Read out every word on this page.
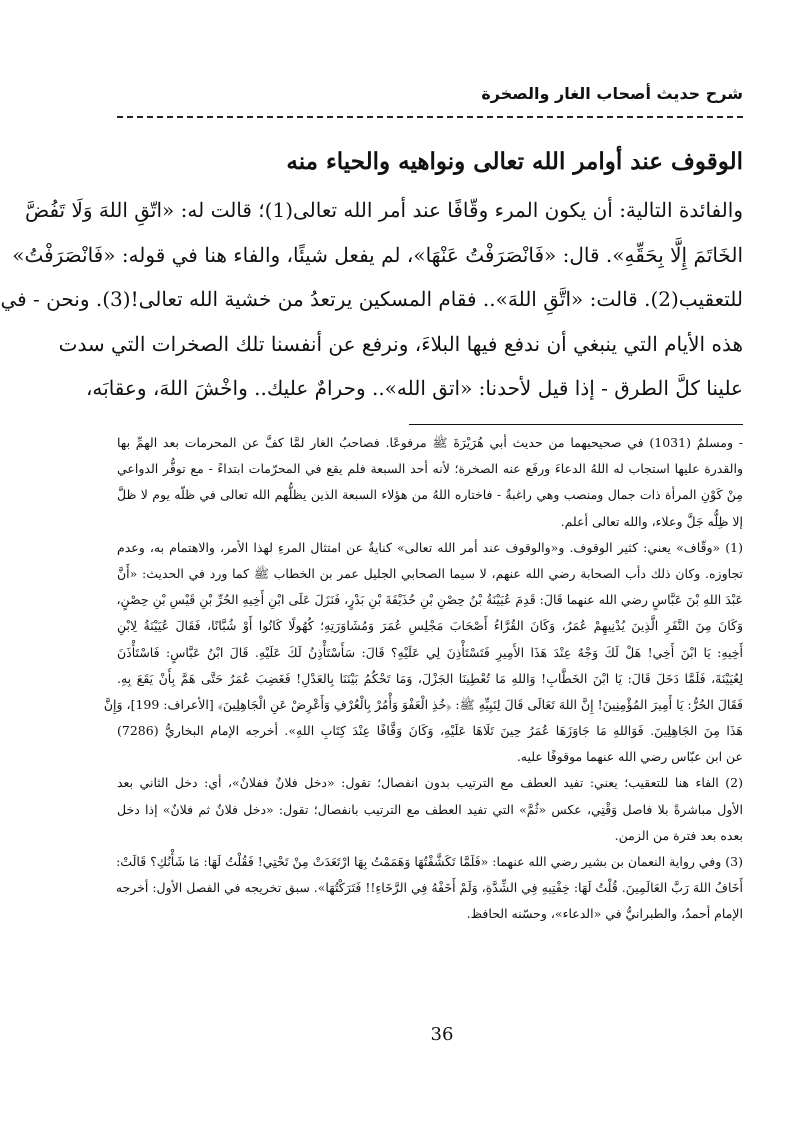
شرح حديث أصحاب الغار والصخرة
الوقوف عند أوامر الله تعالى ونواهيه والحياء منه
والفائدة التالية: أن يكون المرء وقّافًا عند أمر الله تعالى(1)؛ قالت له: «اتّقِ اللهَ وَلَا تَفُضَّ
الخَاتَمَ إِلَّا بِحَقِّهِ». قال: «فَانْصَرَفْتُ عَنْهَا»، لم يفعل شيئًا، والفاء هنا في قوله: «فَانْصَرَفْتُ»
للتعقيب(2). قالت: «اتَّقِ اللهَ».. فقام المسكين يرتعدُ من خشية الله تعالى!(3). ونحن - في
هذه الأيام التي ينبغي أن ندفع فيها البلاءَ، ونرفع عن أنفسنا تلك الصخرات التي سدت
علينا كلَّ الطرق - إذا قيل لأحدنا: «اتق الله».. وحرامٌ عليك.. واخْشَ اللهَ، وعقابَه،
- ومسلمٌ (1031) في صحيحيهما من حديث أبي هُرَيْرَةَ ﷺ مرفوعًا. فصاحبُ الغار لمَّا كفَّ عن المحرمات بعد الهمِّ بها
والقدرة عليها استجاب له اللهُ الدعاءَ ورفَع عنه الصخرة؛ لأنه أحد السبعة فلم يقع في المحرّمات ابتداءً - مع توفُّر الدواعي
مِنْ كَوْنِ المرأة ذات جمال ومنصب وهي راغبةٌ - فاختاره اللهُ من هؤلاء السبعة الذين يظلُّهم الله تعالى في ظلّه يوم لا ظلَّ
إلا ظِلُّه جَلَّ وعلاء، والله تعالى أعلم.
(1) «وقّاف» يعني: كثير الوقوف. و«والوقوف عند أمر الله تعالى» كنايةٌ عن امتثال المرءِ لهذا الأمر، والاهتمام به، وعدم
تجاوزه. وكان ذلك دأب الصحابة رضي الله عنهم، لا سيما الصحابي الجليل عمر بن الخطاب ﷺ كما ورد في الحديث: «أَنَّ
عَبْدَ اللهِ بْنَ عَبَّاسٍ رضي الله عنهما قَالَ: قَدِمَ عُيَيْنَةُ بْنُ حِصْنِ بْنِ حُذَيْفَةَ بْنِ بَدْرٍ، فَنَزَلَ عَلَى ابْنِ أَخِيهِ الحُرِّ بْنِ قَيْسِ بْنِ حِصْنٍ،
وَكَانَ مِنَ النَّفَرِ الَّذِينَ يُدْنِيهِمْ عُمَرُ، وَكَانَ القُرَّاءُ أَصْحَابَ مَجْلِسِ عُمَرَ وَمُشَاوَرَتِهِ؛ كُهُولًا كَانُوا أَوْ شُبَّانًا، فَقَالَ عُيَيْنَةُ لِابْنِ
أَخِيهِ: يَا ابْنَ أَخِي! هَلْ لَكَ وَجْهٌ عِنْدَ هَذَا الأَمِيرِ فَتَسْتَأْذِنَ لِي عَلَيْهِ؟ قَالَ: سَأَسْتَأْذِنُ لَكَ عَلَيْهِ. قَالَ ابْنُ عَبَّاسٍ: فَاسْتَأْذَنَ
لِعُيَيْنَةَ، فَلَمَّا دَخَلَ قَالَ: يَا ابْنَ الخَطَّابِ! وَاللهِ مَا تُعْطِينَا الجَزْلَ، وَمَا تَحْكُمُ بَيْنَنَا بِالعَدْلِ! فَغَضِبَ عُمَرُ حَتَّى هَمَّ بِأَنْ يَقَعَ بِهِ.
فَقَالَ الحُرُّ: يَا أَمِيرَ المُؤْمِنِينَ! إِنَّ اللهَ تَعَالَى قَالَ لِنَبِيِّهِ ﷺ: ﴿خُذِ الْعَفْوَ وَأْمُرْ بِالْعُرْفِ وَأَعْرِضْ عَنِ الْجَاهِلِينَ﴾ [الأعراف: 199]، وَإِنَّ
هَذَا مِنَ الجَاهِلِينَ. فَوَاللهِ مَا جَاوَزَهَا عُمَرُ حِينَ تَلَاهَا عَلَيْهِ، وَكَانَ وَقَّافًا عِنْدَ كِتَابِ اللهِ». أخرجه الإمام البخاريُّ (7286)
عن ابن عبّاس رضي الله عنهما موقوفًا عليه.
(2) الفاء هنا للتعقيب؛ يعني: تفيد العطف مع الترتيب بدون انفصال؛ تقول: «دخل فلانٌ ففلانٌ»، أي: دخل الثاني بعد
الأول مباشرةً بلا فاصل وَقْتِي، عكس «ثُمَّ» التي تفيد العطف مع الترتيب بانفصال؛ تقول: «دخل فلانٌ ثم فلانٌ» إذا دخل
بعده بعد فترة من الزمن.
(3) وفي رواية النعمان بن بشير رضي الله عنهما: «فَلَمَّا تَكَشَّفْتُهَا وَهَمَمْتُ بِهَا ارْتَعَدَتْ مِنْ تَحْتِي! فَقُلْتُ لَهَا: مَا شَأْنُكِ؟ قَالَتْ:
أَخَافُ اللهَ رَبَّ العَالَمِينَ. قُلْتُ لَهَا: خِفْتِيهِ فِي الشِّدَّةِ، وَلَمْ أَخَفْهُ فِي الرَّخَاءِ!! فَتَرَكْتُهَا». سبق تخريجه في الفصل الأول: أخرجه
الإمام أحمدُ، والطبرانيُّ في «الدعاء»، وحسّنه الحافظ.
36
